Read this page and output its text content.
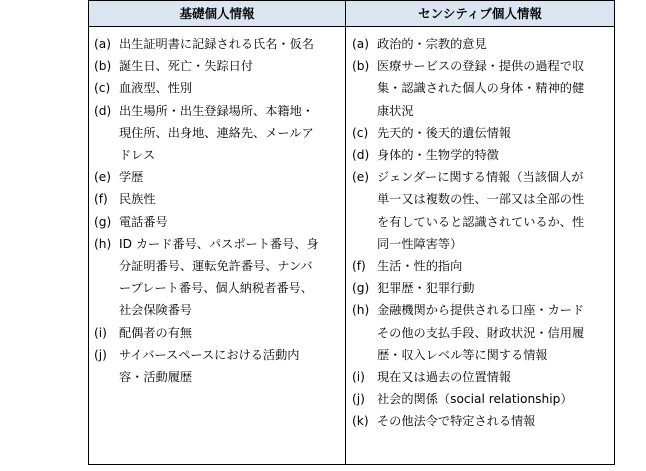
基礎個人情報	センシティブ個人情報
(a) 出生証明書に記録される氏名・仮名
(b) 誕生日、死亡・失踪日付
(c) 血液型、性別
(d) 出生場所・出生登録場所、本籍地・
現住所、出身地、連絡先、メールア
ドレス
(e) 学歴
(f) 民族性
(g) 電話番号
(h) ID カード番号、パスポート番号、身
分証明番号、運転免許番号、ナンバ
ープレート番号、個人納税者番号、
社会保険番号
(i) 配偶者の有無
(j) サイバースペースにおける活動内
容・活動履歴
(a) 政治的・宗教的意見
(b) 医療サービスの登録・提供の過程で収
集・認識された個人の身体・精神的健
康状況
(c) 先天的・後天的遺伝情報
(d) 身体的・生物学的特徴
(e) ジェンダーに関する情報（当該個人が
単一又は複数の性、一部又は全部の性
を有していると認識されているか、性
同一性障害等）
(f) 生活・性的指向
(g) 犯罪歴・犯罪行動
(h) 金融機関から提供される口座・カード
その他の支払手段、財政状況・信用履
歴・収入レベル等に関する情報
(i) 現在又は過去の位置情報
(j) 社会的関係（social relationship）
(k) その他法令で特定される情報
